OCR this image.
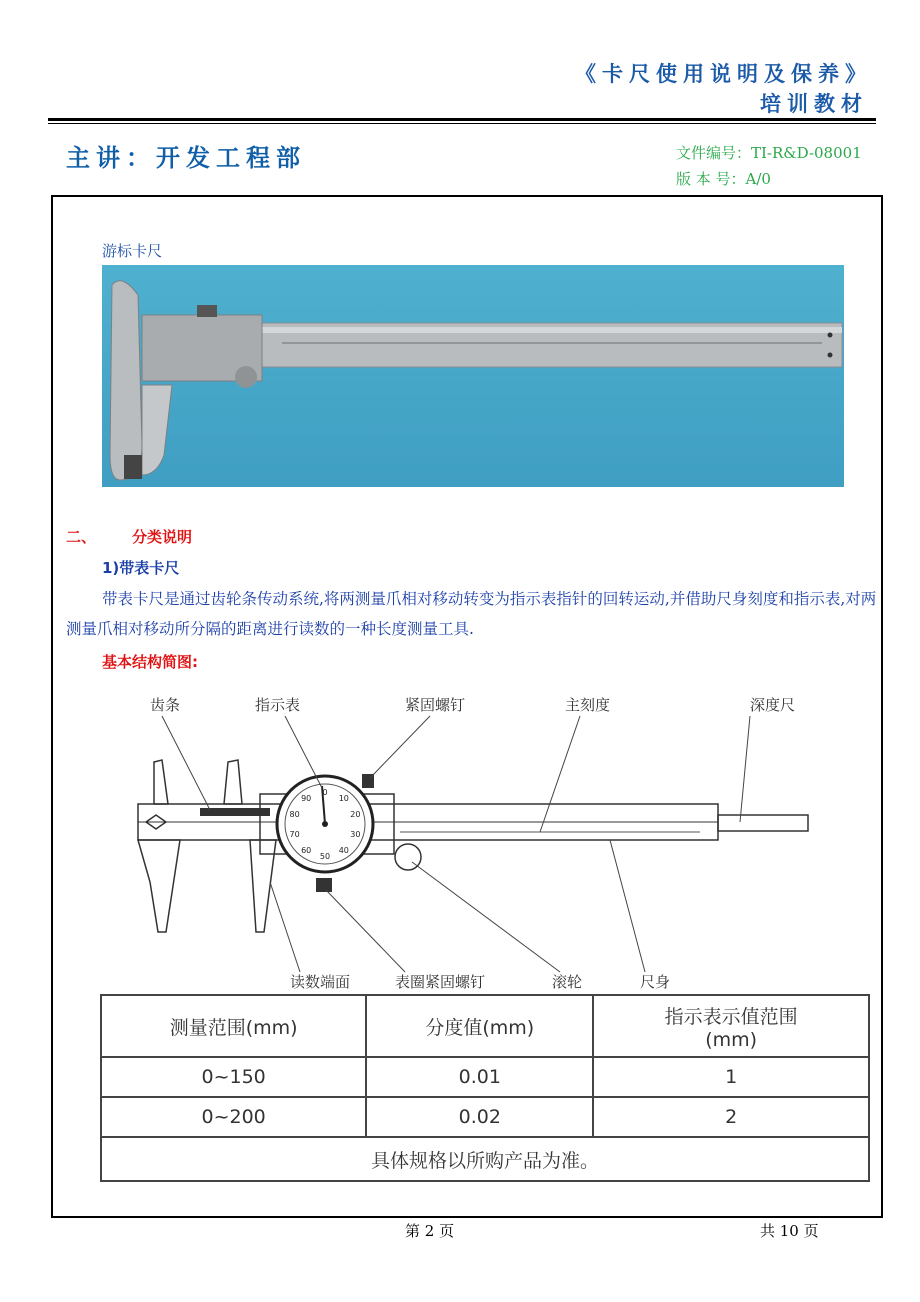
《卡尺使用说明及保养》
培训教材
主讲：开发工程部	文件编号：TI-R&D-08001
版 本 号：A/0
游标卡尺
二、 分类说明
1)带表卡尺
带表卡尺是通过齿轮条传动系统,将两测量爪相对移动转变为指示表指针的回转运动,并借助尺身刻度和指示表,对两测量爪相对移动所分隔的距离进行读数的一种长度测量工具.
基本结构简图:
0
10
20
30
40
50
60
70
80
90
齿条	指示表	紧固螺钉	主刻度	深度尺
读数端面	表圈紧固螺钉	滚轮	尺身
测量范围(mm)	分度值(mm)	指示表示值范围
(mm)

0~150	0.01	1
0~200	0.02	2
具体规格以所购产品为准。		
第 2 页	共 10 页
